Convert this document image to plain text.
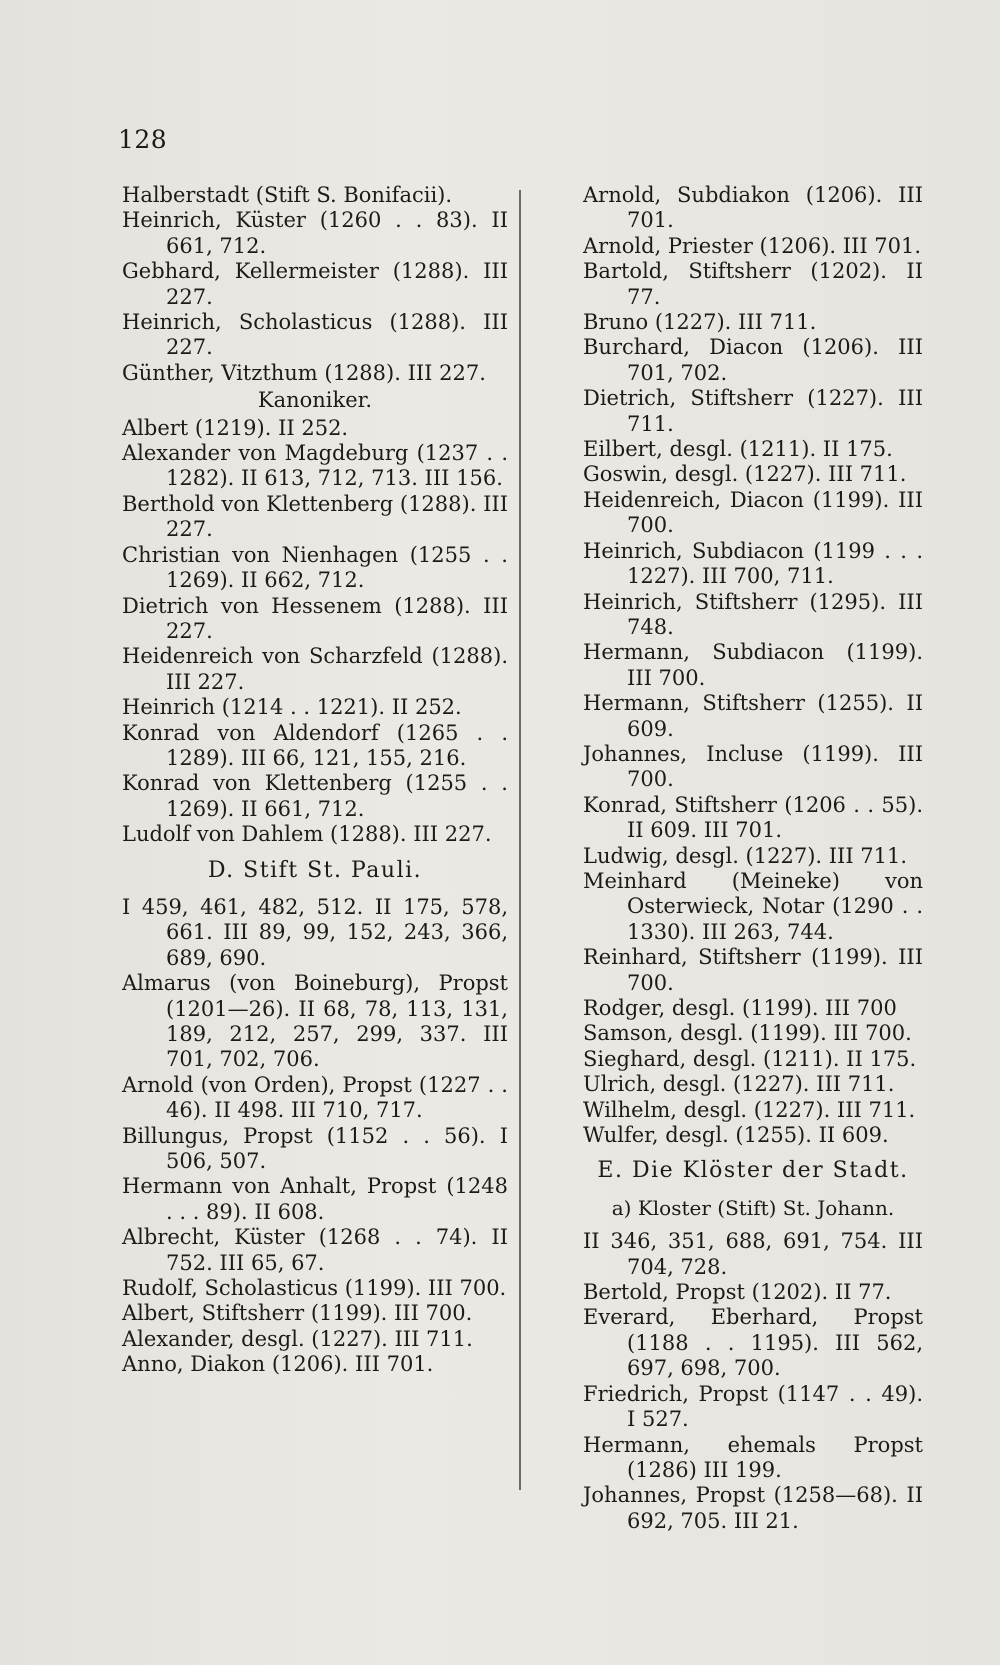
128

Halberstadt (Stift S. Bonifacii).

Heinrich, Küster (1260 . . 83). II 661, 712.

Gebhard, Kellermeister (1288). III 227.

Heinrich, Scholasticus (1288). III 227.

Günther, Vitzthum (1288). III 227.

Kanoniker.

Albert (1219). II 252.

Alexander von Magdeburg (1237 . . 1282). II 613, 712, 713. III 156.

Berthold von Klettenberg (1288). III 227.

Christian von Nienhagen (1255 . . 1269). II 662, 712.

Dietrich von Hessenem (1288). III 227.

Heidenreich von Scharzfeld (1288). III 227.

Heinrich (1214 . . 1221). II 252.

Konrad von Aldendorf (1265 . . 1289). III 66, 121, 155, 216.

Konrad von Klettenberg (1255 . . 1269). II 661, 712.

Ludolf von Dahlem (1288). III 227.

D. Stift St. Pauli.

I 459, 461, 482, 512. II 175, 578, 661. III 89, 99, 152, 243, 366, 689, 690.

Almarus (von Boineburg), Propst (1201—26). II 68, 78, 113, 131, 189, 212, 257, 299, 337. III 701, 702, 706.

Arnold (von Orden), Propst (1227 . . 46). II 498. III 710, 717.

Billungus, Propst (1152 . . 56). I 506, 507.

Hermann von Anhalt, Propst (1248 . . . 89). II 608.

Albrecht, Küster (1268 . . 74). II 752. III 65, 67.

Rudolf, Scholasticus (1199). III 700.

Albert, Stiftsherr (1199). III 700.

Alexander, desgl. (1227). III 711.

Anno, Diakon (1206). III 701.

Arnold, Subdiakon (1206). III 701.

Arnold, Priester (1206). III 701.

Bartold, Stiftsherr (1202). II 77.

Bruno (1227). III 711.

Burchard, Diacon (1206). III 701, 702.

Dietrich, Stiftsherr (1227). III 711.

Eilbert, desgl. (1211). II 175.

Goswin, desgl. (1227). III 711.

Heidenreich, Diacon (1199). III 700.

Heinrich, Subdiacon (1199 . . . 1227). III 700, 711.

Heinrich, Stiftsherr (1295). III 748.

Hermann, Subdiacon (1199). III 700.

Hermann, Stiftsherr (1255). II 609.

Johannes, Incluse (1199). III 700.

Konrad, Stiftsherr (1206 . . 55). II 609. III 701.

Ludwig, desgl. (1227). III 711.

Meinhard (Meineke) von Osterwieck, Notar (1290 . . 1330). III 263, 744.

Reinhard, Stiftsherr (1199). III 700.

Rodger, desgl. (1199). III 700

Samson, desgl. (1199). III 700.

Sieghard, desgl. (1211). II 175.

Ulrich, desgl. (1227). III 711.

Wilhelm, desgl. (1227). III 711.

Wulfer, desgl. (1255). II 609.

E. Die Klöster der Stadt.

a) Kloster (Stift) St. Johann.

II 346, 351, 688, 691, 754. III 704, 728.

Bertold, Propst (1202). II 77.

Everard, Eberhard, Propst (1188 . . 1195). III 562, 697, 698, 700.

Friedrich, Propst (1147 . . 49). I 527.

Hermann, ehemals Propst (1286) III 199.

Johannes, Propst (1258—68). II 692, 705. III 21.
